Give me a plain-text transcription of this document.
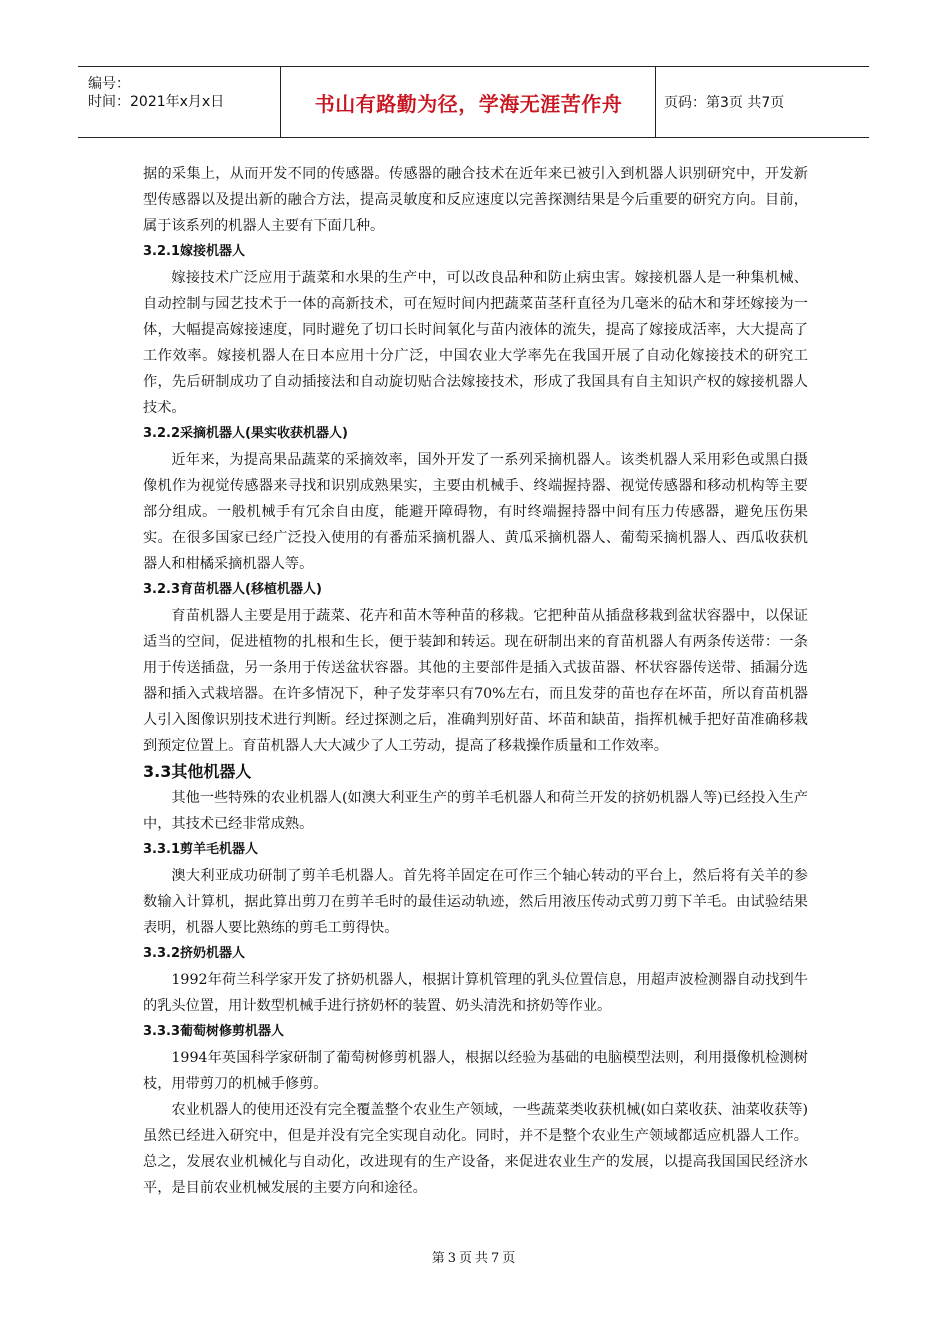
编号：
时间：2021年x月x日	书山有路勤为径，学海无涯苦作舟	页码：第3页 共7页

据的采集上，从而开发不同的传感器。传感器的融合技术在近年来已被引入到机器人识别研究中，开发新型传感器以及提出新的融合方法，提高灵敏度和反应速度以完善探测结果是今后重要的研究方向。目前，属于该系列的机器人主要有下面几种。

3.2.1嫁接机器人

嫁接技术广泛应用于蔬菜和水果的生产中，可以改良品种和防止病虫害。嫁接机器人是一种集机械、自动控制与园艺技术于一体的高新技术，可在短时间内把蔬菜苗茎秆直径为几毫米的砧木和芽坯嫁接为一体，大幅提高嫁接速度，同时避免了切口长时间氧化与苗内液体的流失，提高了嫁接成活率，大大提高了工作效率。嫁接机器人在日本应用十分广泛，中国农业大学率先在我国开展了自动化嫁接技术的研究工作，先后研制成功了自动插接法和自动旋切贴合法嫁接技术，形成了我国具有自主知识产权的嫁接机器人技术。

3.2.2采摘机器人(果实收获机器人)

近年来，为提高果品蔬菜的采摘效率，国外开发了一系列采摘机器人。该类机器人采用彩色或黑白摄像机作为视觉传感器来寻找和识别成熟果实，主要由机械手、终端握持器、视觉传感器和移动机构等主要部分组成。一般机械手有冗余自由度，能避开障碍物，有时终端握持器中间有压力传感器，避免压伤果实。在很多国家已经广泛投入使用的有番茄采摘机器人、黄瓜采摘机器人、葡萄采摘机器人、西瓜收获机器人和柑橘采摘机器人等。

3.2.3育苗机器人(移植机器人)

育苗机器人主要是用于蔬菜、花卉和苗木等种苗的移栽。它把种苗从插盘移栽到盆状容器中，以保证适当的空间，促进植物的扎根和生长，便于装卸和转运。现在研制出来的育苗机器人有两条传送带：一条用于传送插盘，另一条用于传送盆状容器。其他的主要部件是插入式拔苗器、杯状容器传送带、插漏分选器和插入式栽培器。在许多情况下，种子发芽率只有70%左右，而且发芽的苗也存在坏苗，所以育苗机器人引入图像识别技术进行判断。经过探测之后，准确判别好苗、坏苗和缺苗，指挥机械手把好苗准确移栽到预定位置上。育苗机器人大大减少了人工劳动，提高了移栽操作质量和工作效率。

3.3其他机器人

其他一些特殊的农业机器人(如澳大利亚生产的剪羊毛机器人和荷兰开发的挤奶机器人等)已经投入生产中，其技术已经非常成熟。

3.3.1剪羊毛机器人

澳大利亚成功研制了剪羊毛机器人。首先将羊固定在可作三个轴心转动的平台上，然后将有关羊的参数输入计算机，据此算出剪刀在剪羊毛时的最佳运动轨迹，然后用液压传动式剪刀剪下羊毛。由试验结果表明，机器人要比熟练的剪毛工剪得快。

3.3.2挤奶机器人

1992年荷兰科学家开发了挤奶机器人，根据计算机管理的乳头位置信息，用超声波检测器自动找到牛的乳头位置，用计数型机械手进行挤奶杯的装置、奶头清洗和挤奶等作业。

3.3.3葡萄树修剪机器人

1994年英国科学家研制了葡萄树修剪机器人，根据以经验为基础的电脑模型法则，利用摄像机检测树枝，用带剪刀的机械手修剪。

农业机器人的使用还没有完全覆盖整个农业生产领域，一些蔬菜类收获机械(如白菜收获、油菜收获等)虽然已经进入研究中，但是并没有完全实现自动化。同时，并不是整个农业生产领域都适应机器人工作。总之，发展农业机械化与自动化，改进现有的生产设备，来促进农业生产的发展，以提高我国国民经济水平，是目前农业机械发展的主要方向和途径。

第3页共7页
